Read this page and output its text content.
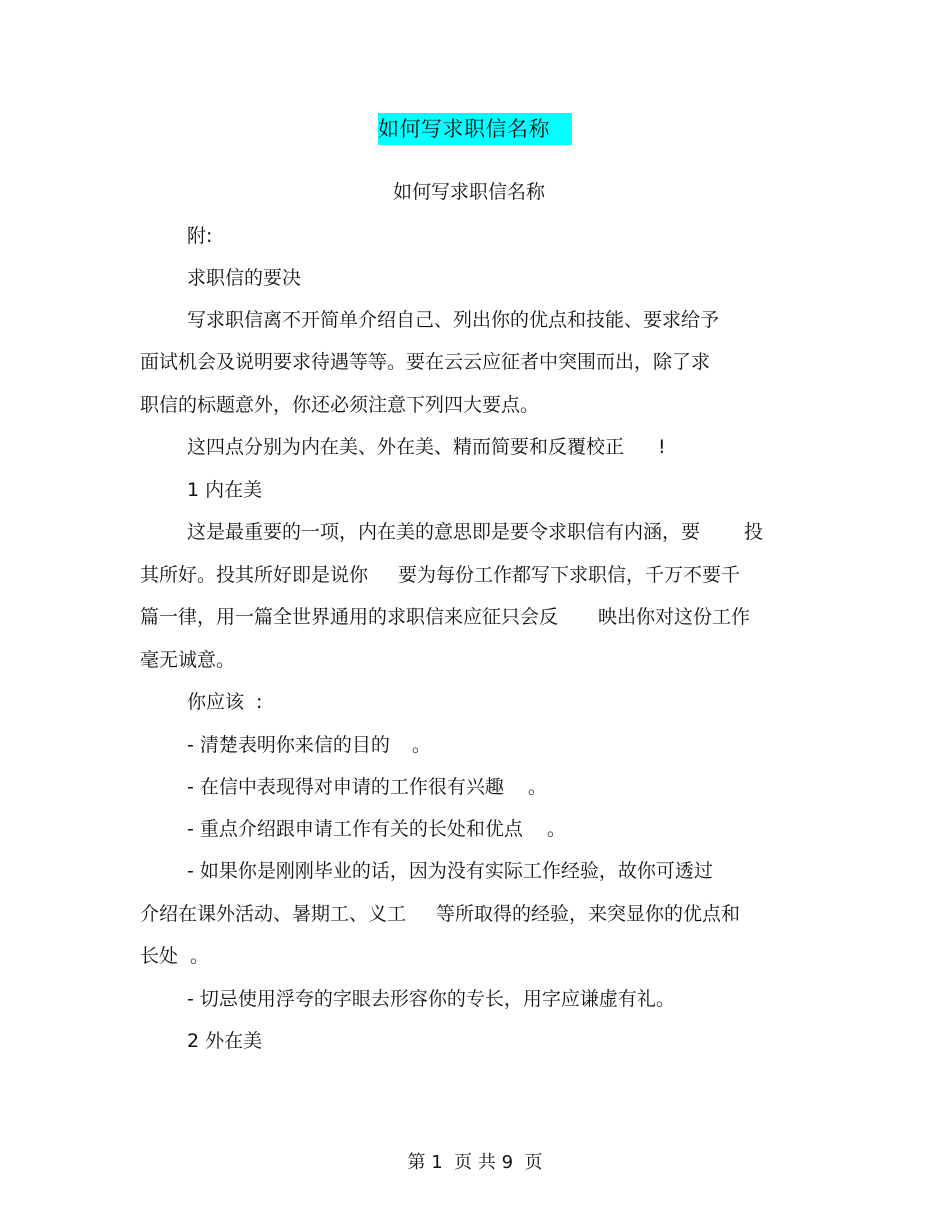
如何写求职信名称
如何写求职信名称
附:
求职信的要决
写求职信离不开简单介绍自己、列出你的优点和技能、要求给予
面试机会及说明要求待遇等等。要在云云应征者中突围而出，除了求
职信的标题意外，你还必须注意下列四大要点。
这四点分别为内在美、外在美、精而简要和反覆校正 !
1 内在美
这是最重要的一项，内在美的意思即是要令求职信有内涵，要 投
其所好。投其所好即是说你 要为每份工作都写下求职信，千万不要千
篇一律，用一篇全世界通用的求职信来应征只会反 映出你对这份工作
毫无诚意。
你应该 :
- 清楚表明你来信的目的 。
- 在信中表现得对申请的工作很有兴趣 。
- 重点介绍跟申请工作有关的长处和优点 。
- 如果你是刚刚毕业的话，因为没有实际工作经验，故你可透过
介绍在课外活动、暑期工、义工 等所取得的经验，来突显你的优点和
长处 。
- 切忌使用浮夸的字眼去形容你的专长，用字应谦虚有礼。
2 外在美
第 1  页 共 9  页
